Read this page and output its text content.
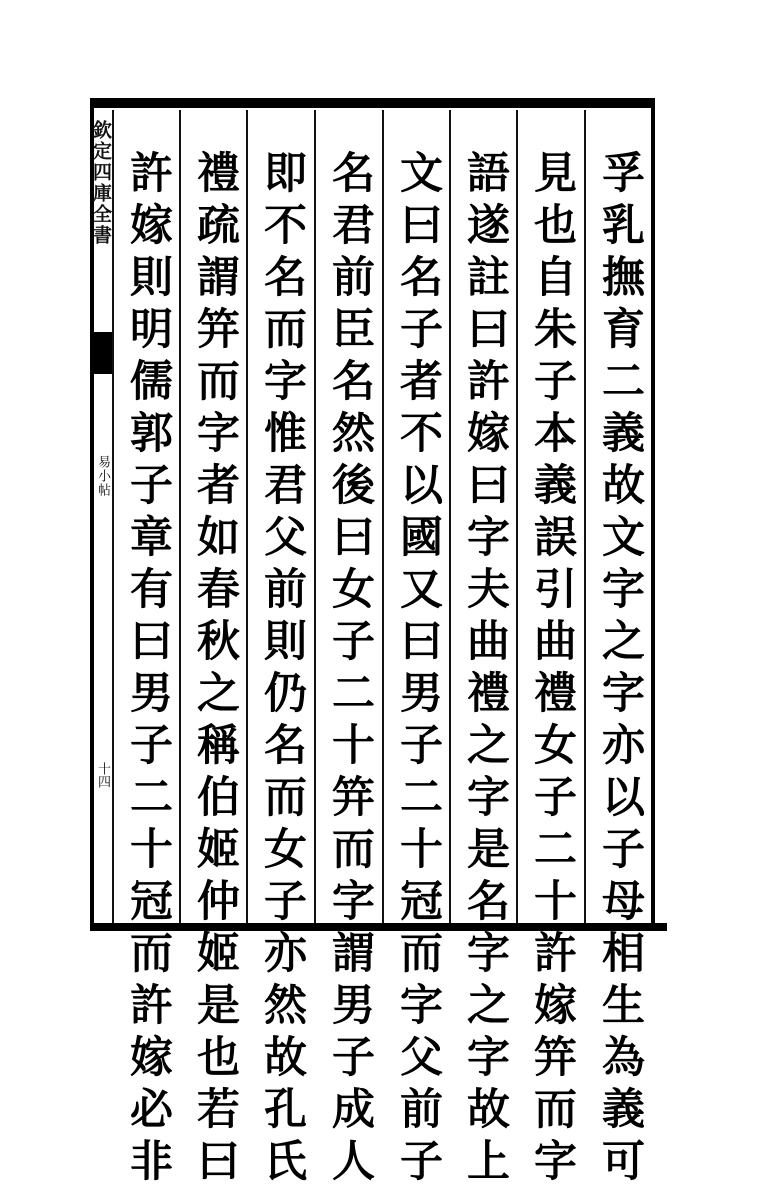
欽定四庫全書
易小帖
十四	孚乳撫育二義故文字之字亦以子母相生為義可
見也自朱子本義誤引曲禮女子二十許嫁笄而字
語遂註曰許嫁曰字夫曲禮之字是名字之字故上
文曰名子者不以國又曰男子二十冠而字父前子
名君前臣名然後曰女子二十笄而字謂男子成人
即不名而字惟君父前則仍名而女子亦然故孔氏
禮疏謂笄而字者如春秋之稱伯姬仲姬是也若曰
許嫁則明儒郭子章有曰男子二十冠而許嫁必非
